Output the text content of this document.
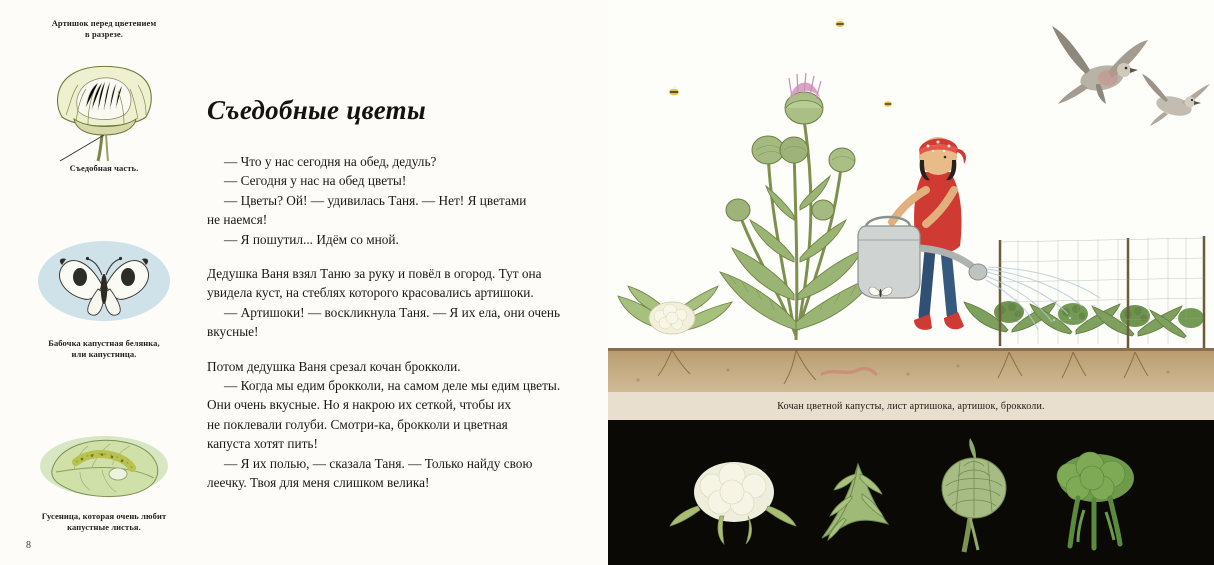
Артишок перед цветением
в разрезе.
Съедобная часть.
Бабочка капустная белянка,
или капустница.
Гусеница, которая очень любит
капустные листья.
Съедобные цветы

— Что у нас сегодня на обед, дедуль?
— Сегодня у нас на обед цветы!
— Цветы? Ой! — удивилась Таня. — Нет! Я цветами
не наемся!
— Я пошутил... Идём со мной.

Дедушка Ваня взял Таню за руку и повёл в огород. Тут она
увидела куст, на стеблях которого красовались артишоки.
— Артишоки! — воскликнула Таня. — Я их ела, они очень
вкусные!

Потом дедушка Ваня срезал кочан брокколи.
— Когда мы едим брокколи, на самом деле мы едим цветы.
Они очень вкусные. Но я накрою их сеткой, чтобы их
не поклевали голуби. Смотри-ка, брокколи и цветная
капуста хотят пить!
— Я их полью, — сказала Таня. — Только найду свою
леечку. Твоя для меня слишком велика!

8
Кочан цветной капусты, лист артишока, артишок, брокколи.
